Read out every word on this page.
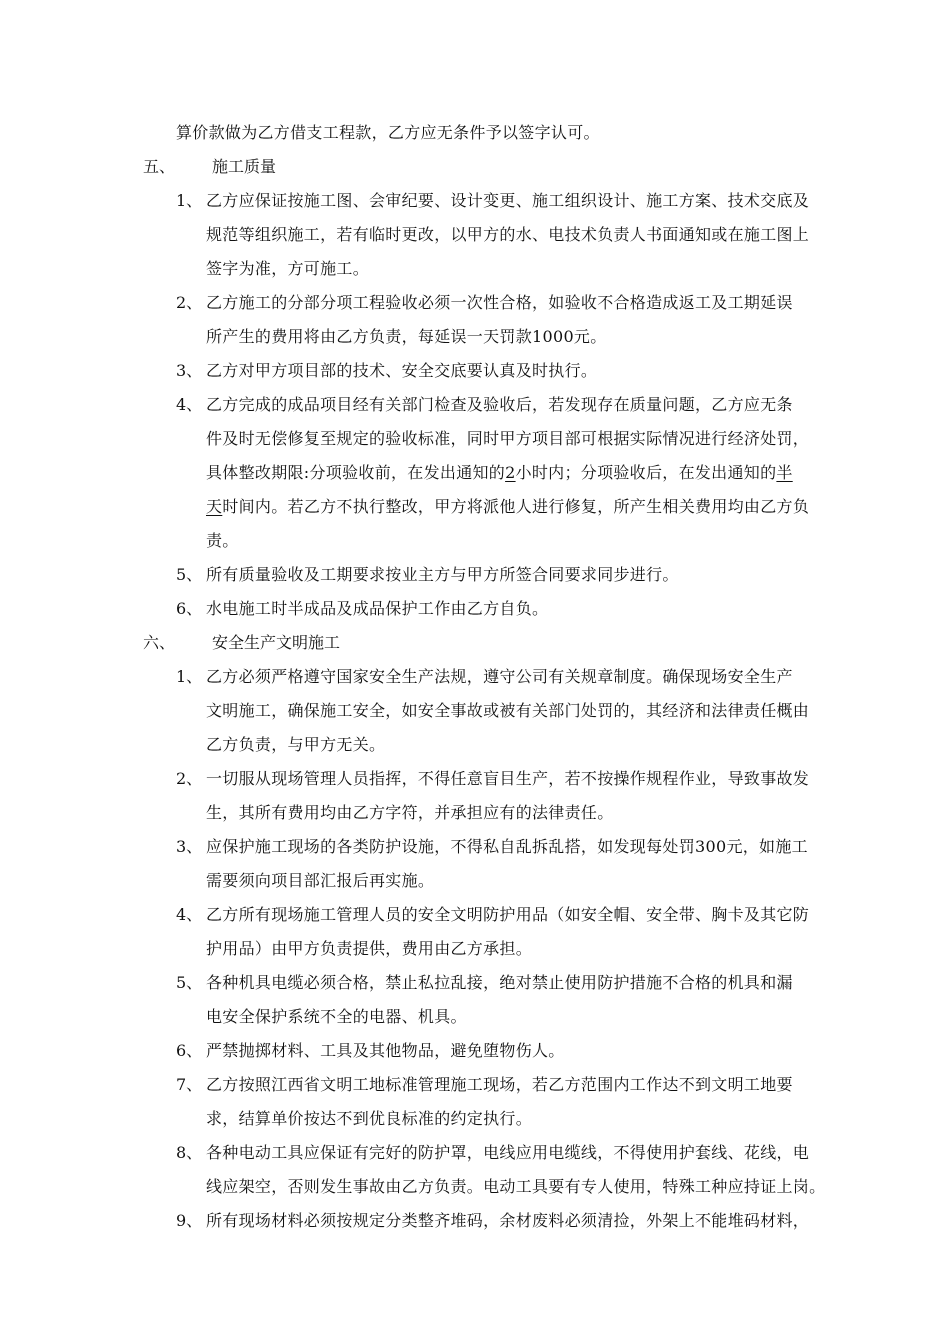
算价款做为乙方借支工程款，乙方应无条件予以签字认可。
五、 施工质量
1、 乙方应保证按施工图、会审纪要、设计变更、施工组织设计、施工方案、技术交底及
规范等组织施工，若有临时更改，以甲方的水、电技术负责人书面通知或在施工图上
签字为准，方可施工。
2、 乙方施工的分部分项工程验收必须一次性合格，如验收不合格造成返工及工期延误
所产生的费用将由乙方负责，每延误一天罚款1000元。
3、 乙方对甲方项目部的技术、安全交底要认真及时执行。
4、 乙方完成的成品项目经有关部门检查及验收后，若发现存在质量问题，乙方应无条
件及时无偿修复至规定的验收标准，同时甲方项目部可根据实际情况进行经济处罚，
具体整改期限:分项验收前，在发出通知的2小时内；分项验收后，在发出通知的半
天时间内。若乙方不执行整改，甲方将派他人进行修复，所产生相关费用均由乙方负
责。
5、 所有质量验收及工期要求按业主方与甲方所签合同要求同步进行。
6、 水电施工时半成品及成品保护工作由乙方自负。
六、 安全生产文明施工
1、 乙方必须严格遵守国家安全生产法规，遵守公司有关规章制度。确保现场安全生产
文明施工，确保施工安全，如安全事故或被有关部门处罚的，其经济和法律责任概由
乙方负责，与甲方无关。
2、 一切服从现场管理人员指挥，不得任意盲目生产，若不按操作规程作业，导致事故发
生，其所有费用均由乙方字符，并承担应有的法律责任。
3、 应保护施工现场的各类防护设施，不得私自乱拆乱搭，如发现每处罚300元，如施工
需要须向项目部汇报后再实施。
4、 乙方所有现场施工管理人员的安全文明防护用品（如安全帽、安全带、胸卡及其它防
护用品）由甲方负责提供，费用由乙方承担。
5、 各种机具电缆必须合格，禁止私拉乱接，绝对禁止使用防护措施不合格的机具和漏
电安全保护系统不全的电器、机具。
6、 严禁抛掷材料、工具及其他物品，避免堕物伤人。
7、 乙方按照江西省文明工地标准管理施工现场，若乙方范围内工作达不到文明工地要
求，结算单价按达不到优良标准的约定执行。
8、 各种电动工具应保证有完好的防护罩，电线应用电缆线，不得使用护套线、花线，电
线应架空，否则发生事故由乙方负责。电动工具要有专人使用，特殊工种应持证上岗。
9、 所有现场材料必须按规定分类整齐堆码，余材废料必须清捡，外架上不能堆码材料，
